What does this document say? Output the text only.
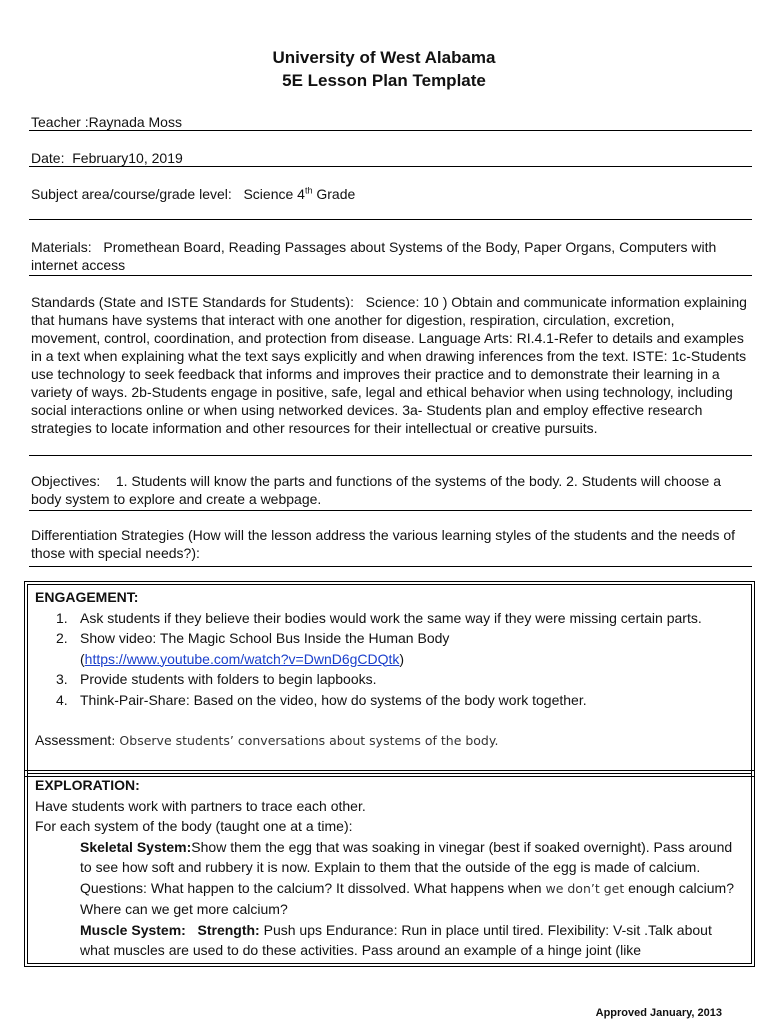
University of West Alabama
5E Lesson Plan Template
Teacher :Raynada Moss
Date: February10, 2019
Subject area/course/grade level: Science 4th Grade
Materials: Promethean Board, Reading Passages about Systems of the Body, Paper Organs, Computers with internet access
Standards (State and ISTE Standards for Students): Science: 10 ) Obtain and communicate information explaining that humans have systems that interact with one another for digestion, respiration, circulation, excretion, movement, control, coordination, and protection from disease. Language Arts: RI.4.1-Refer to details and examples in a text when explaining what the text says explicitly and when drawing inferences from the text. ISTE: 1c-Students use technology to seek feedback that informs and improves their practice and to demonstrate their learning in a variety of ways. 2b-Students engage in positive, safe, legal and ethical behavior when using technology, including social interactions online or when using networked devices. 3a- Students plan and employ effective research strategies to locate information and other resources for their intellectual or creative pursuits.
Objectives: 1. Students will know the parts and functions of the systems of the body. 2. Students will choose a body system to explore and create a webpage.
Differentiation Strategies (How will the lesson address the various learning styles of the students and the needs of those with special needs?):
ENGAGEMENT:
1. Ask students if they believe their bodies would work the same way if they were missing certain parts.
2. Show video: The Magic School Bus Inside the Human Body
(https://www.youtube.com/watch?v=DwnD6gCDQtk)
3. Provide students with folders to begin lapbooks.
4. Think-Pair-Share: Based on the video, how do systems of the body work together.
Assessment: Observe students’ conversations about systems of the body.
EXPLORATION:
Have students work with partners to trace each other.
For each system of the body (taught one at a time):
Skeletal System:Show them the egg that was soaking in vinegar (best if soaked overnight). Pass around to see how soft and rubbery it is now. Explain to them that the outside of the egg is made of calcium. Questions: What happen to the calcium? It dissolved. What happens when we don’t get enough calcium? Where can we get more calcium?
Muscle System: Strength: Push ups Endurance: Run in place until tired. Flexibility: V-sit .Talk about what muscles are used to do these activities. Pass around an example of a hinge joint (like
Approved January, 2013
